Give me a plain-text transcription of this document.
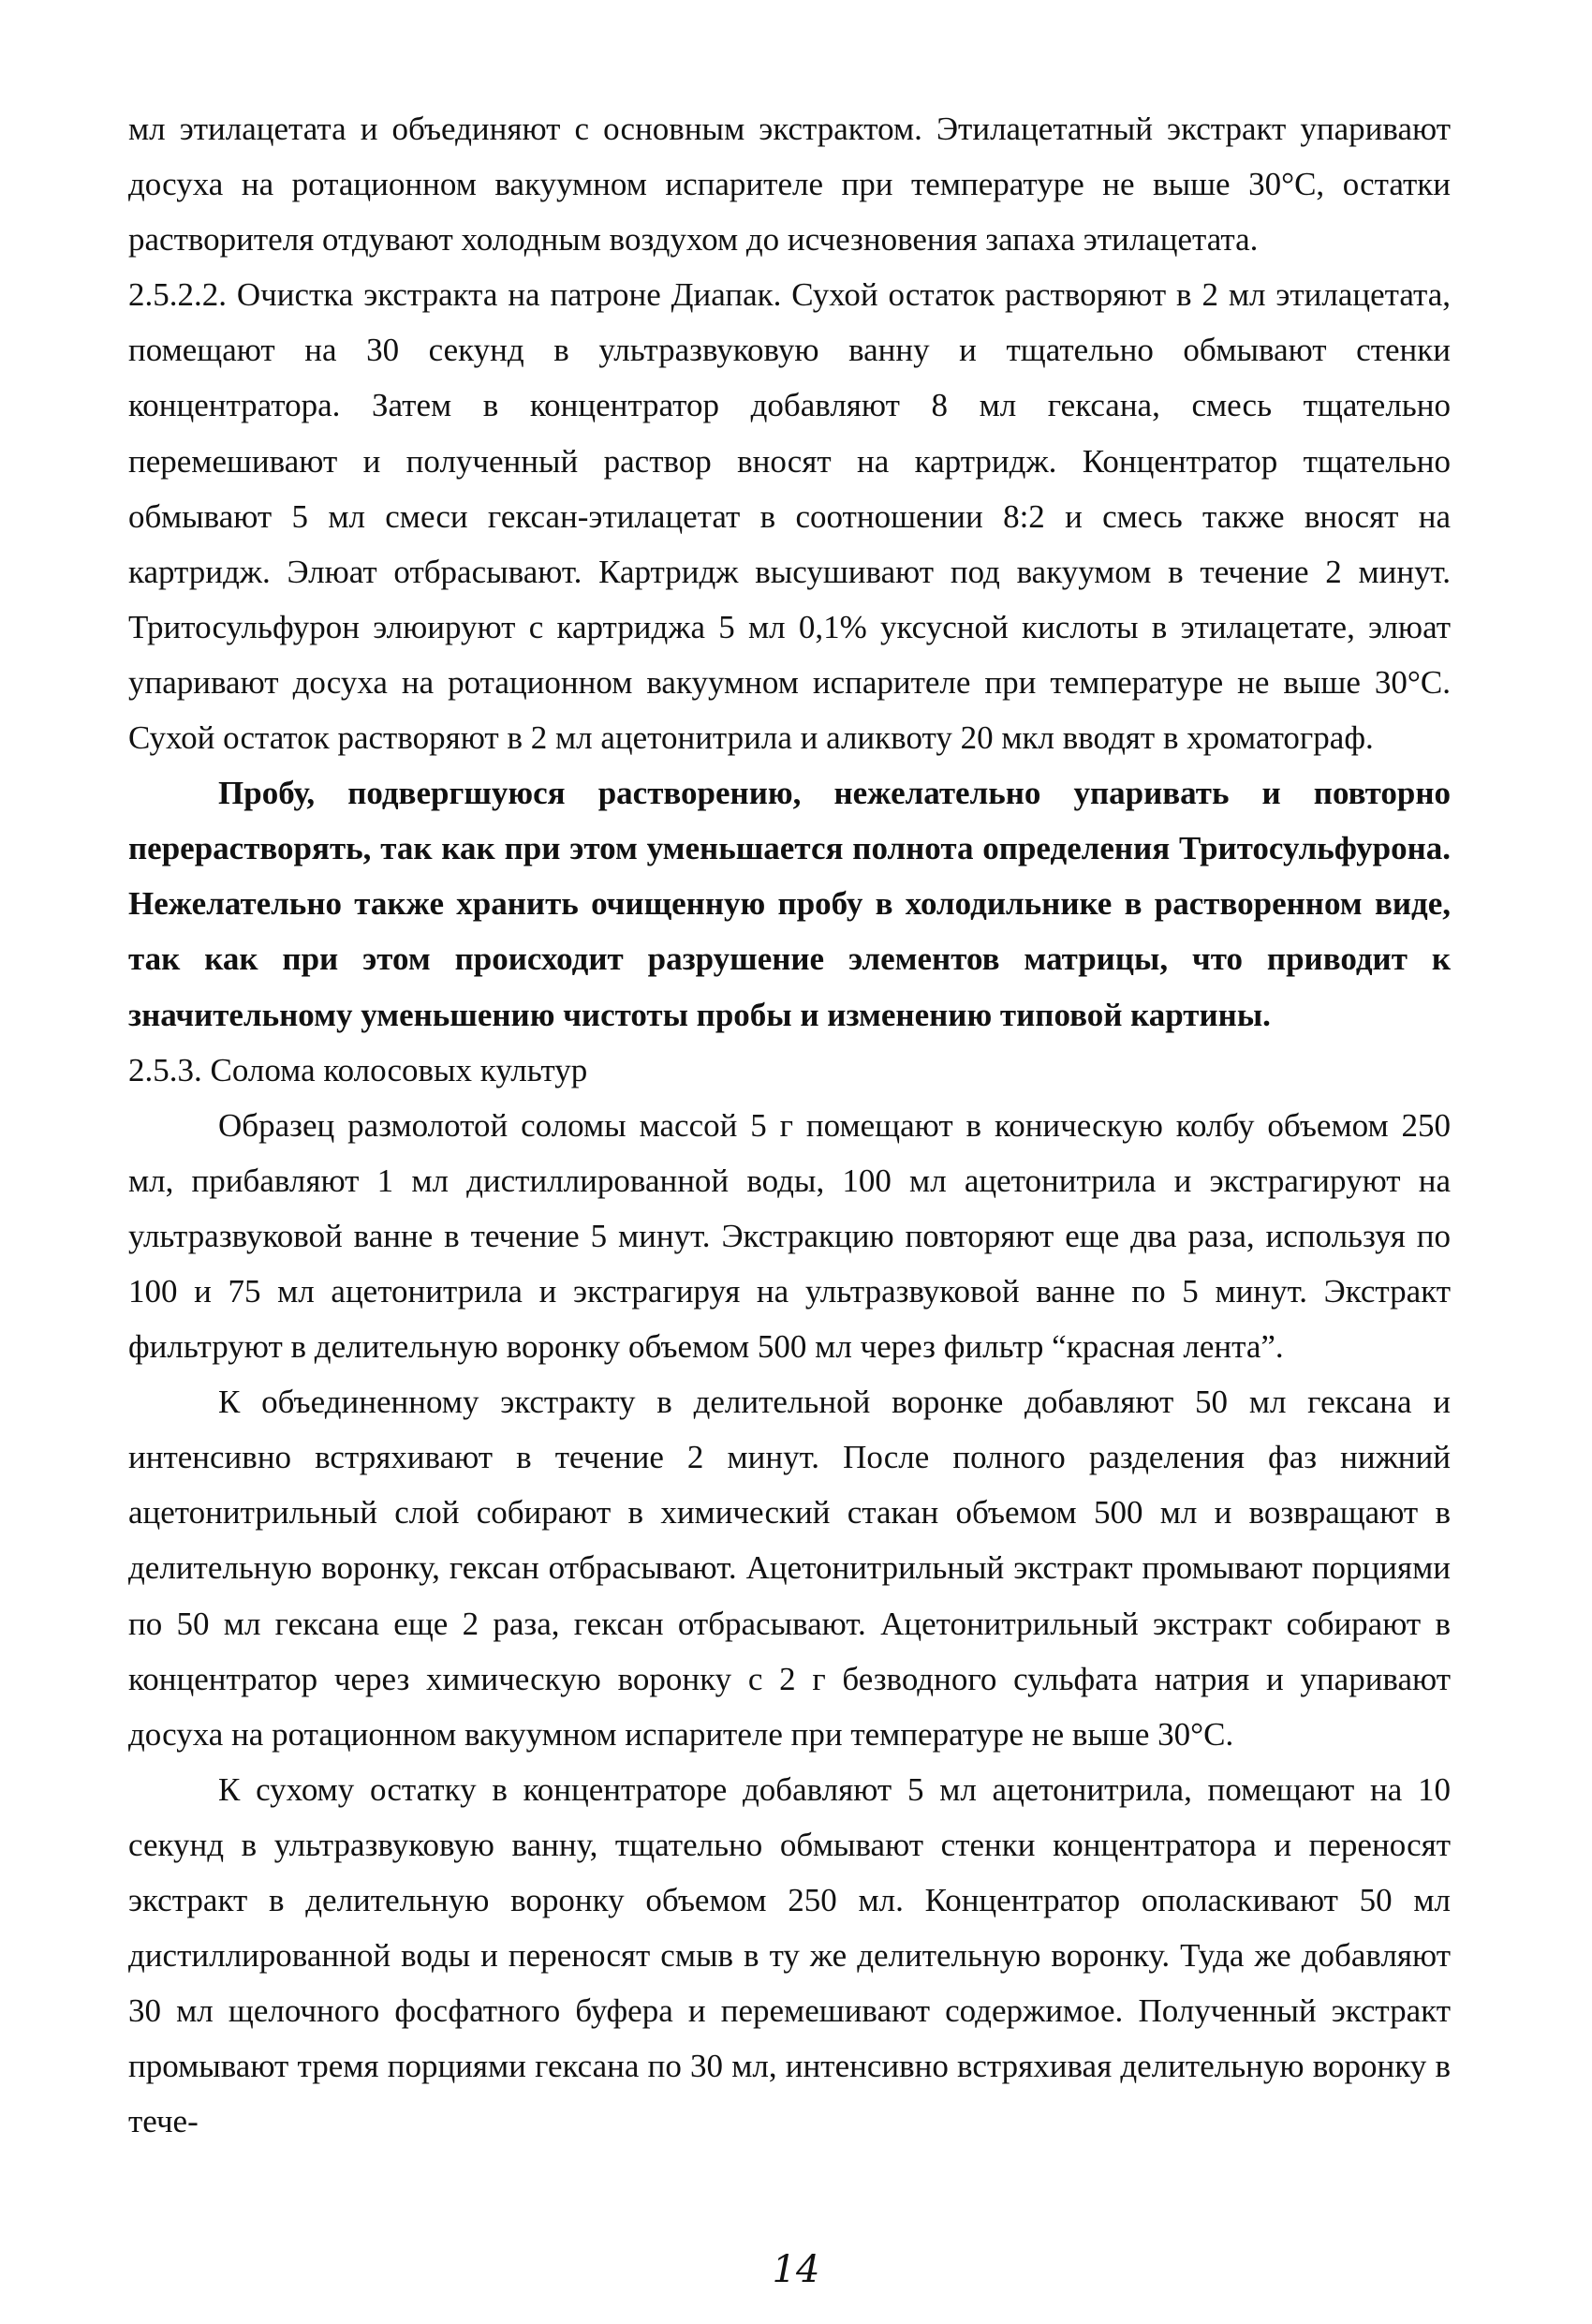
мл этилацетата и объединяют с основным экстрактом. Этилацетатный экстракт упаривают досуха на ротационном вакуумном испарителе при температуре не выше 30°С, остатки растворителя отдувают холодным воздухом до исчезновения запаха этилацетата.

2.5.2.2. Очистка экстракта на патроне Диапак. Сухой остаток растворяют в 2 мл этилацетата, помещают на 30 секунд в ультразвуковую ванну и тщательно обмывают стенки концентратора. Затем в концентратор добавляют 8 мл гексана, смесь тщательно перемешивают и полученный раствор вносят на картридж. Концентратор тщательно обмывают 5 мл смеси гексан-этилацетат в соотношении 8:2 и смесь также вносят на картридж. Элюат отбрасывают. Картридж высушивают под вакуумом в течение 2 минут. Тритосульфурон элюируют с картриджа 5 мл 0,1% уксусной кислоты в этилацетате, элюат упаривают досуха на ротационном вакуумном испарителе при температуре не выше 30°С. Сухой остаток растворяют в 2 мл ацетонитрила и аликвоту 20 мкл вводят в хроматограф.

Пробу, подвергшуюся растворению, нежелательно упаривать и повторно перерастворять, так как при этом уменьшается полнота определения Тритосульфурона. Нежелательно также хранить очищенную пробу в холодильнике в растворенном виде, так как при этом происходит разрушение элементов матрицы, что приводит к значительному уменьшению чистоты пробы и изменению типовой картины.

2.5.3. Солома колосовых культур

Образец размолотой соломы массой 5 г помещают в коническую колбу объемом 250 мл, прибавляют 1 мл дистиллированной воды, 100 мл ацетонитрила и экстрагируют на ультразвуковой ванне в течение 5 минут. Экстракцию повторяют еще два раза, используя по 100 и 75 мл ацетонитрила и экстрагируя на ультразвуковой ванне по 5 минут. Экстракт фильтруют в делительную воронку объемом 500 мл через фильтр “красная лента”.

К объединенному экстракту в делительной воронке добавляют 50 мл гексана и интенсивно встряхивают в течение 2 минут. После полного разделения фаз нижний ацетонитрильный слой собирают в химический стакан объемом 500 мл и возвращают в делительную воронку, гексан отбрасывают. Ацетонитрильный экстракт промывают порциями по 50 мл гексана еще 2 раза, гексан отбрасывают. Ацетонитрильный экстракт собирают в концентратор через химическую воронку с 2 г безводного сульфата натрия и упаривают досуха на ротационном вакуумном испарителе при температуре не выше 30°С.

К сухому остатку в концентраторе добавляют 5 мл ацетонитрила, помещают на 10 секунд в ультразвуковую ванну, тщательно обмывают стенки концентратора и переносят экстракт в делительную воронку объемом 250 мл. Концентратор ополаскивают 50 мл дистиллированной воды и переносят смыв в ту же делительную воронку. Туда же добавляют 30 мл щелочного фосфатного буфера и перемешивают содержимое. Полученный экстракт промывают тремя порциями гексана по 30 мл, интенсивно встряхивая делительную воронку в тече-

14
